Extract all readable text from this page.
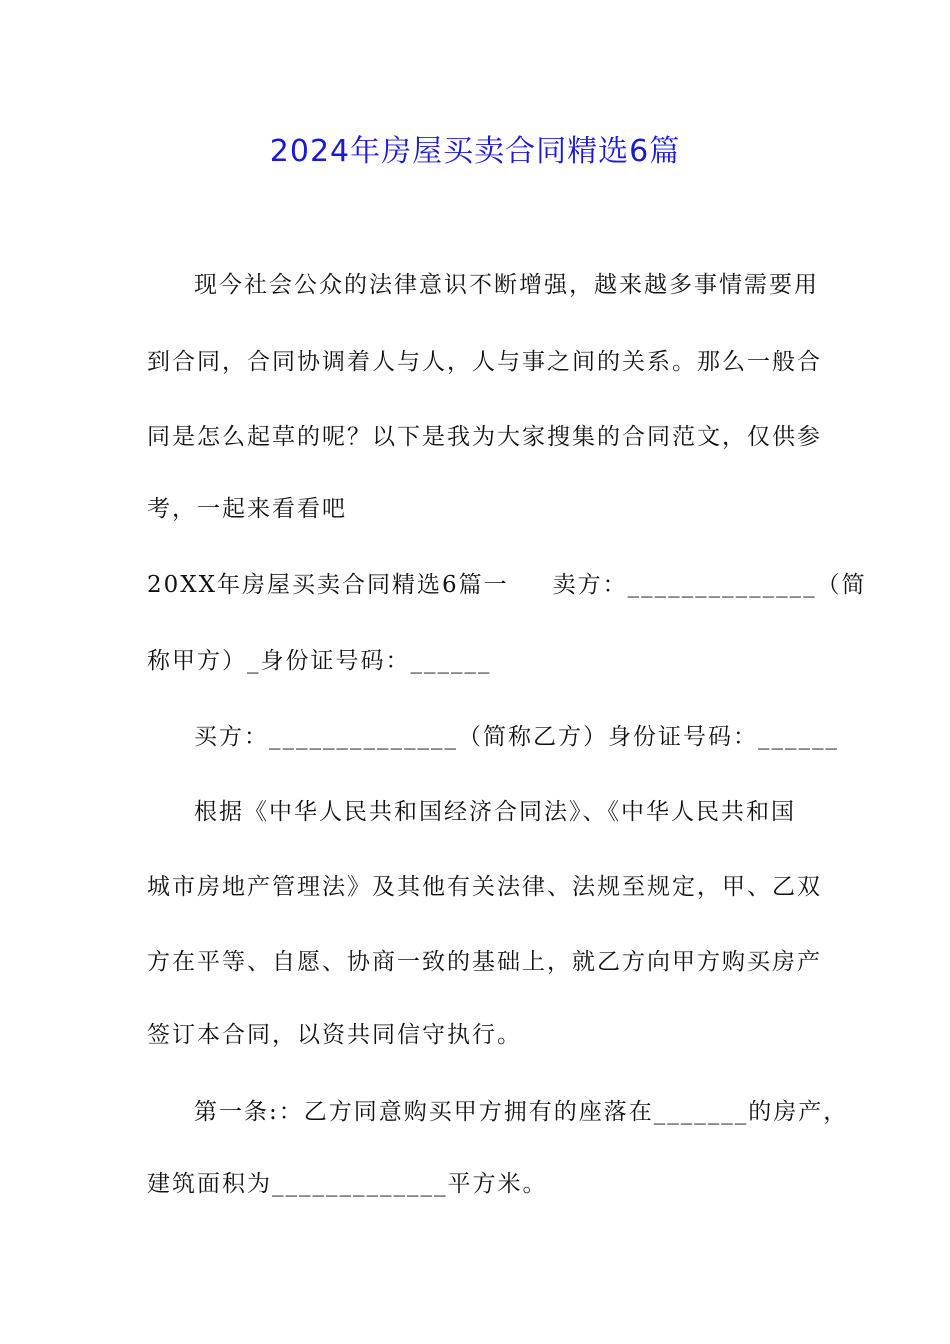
2024年房屋买卖合同精选6篇
现今社会公众的法律意识不断增强，越来越多事情需要用
到合同，合同协调着人与人，人与事之间的关系。那么一般合
同是怎么起草的呢？以下是我为大家搜集的合同范文，仅供参
考，一起来看看吧
20XX年房屋买卖合同精选6篇一 卖方：______________（简
称甲方）_身份证号码：______
买方：______________（简称乙方）身份证号码：______
根据《中华人民共和国经济合同法》、《中华人民共和国
城市房地产管理法》及其他有关法律、法规至规定，甲、乙双
方在平等、自愿、协商一致的基础上，就乙方向甲方购买房产
签订本合同，以资共同信守执行。
第一条:：乙方同意购买甲方拥有的座落在_______的房产，
建筑面积为_____________平方米。
